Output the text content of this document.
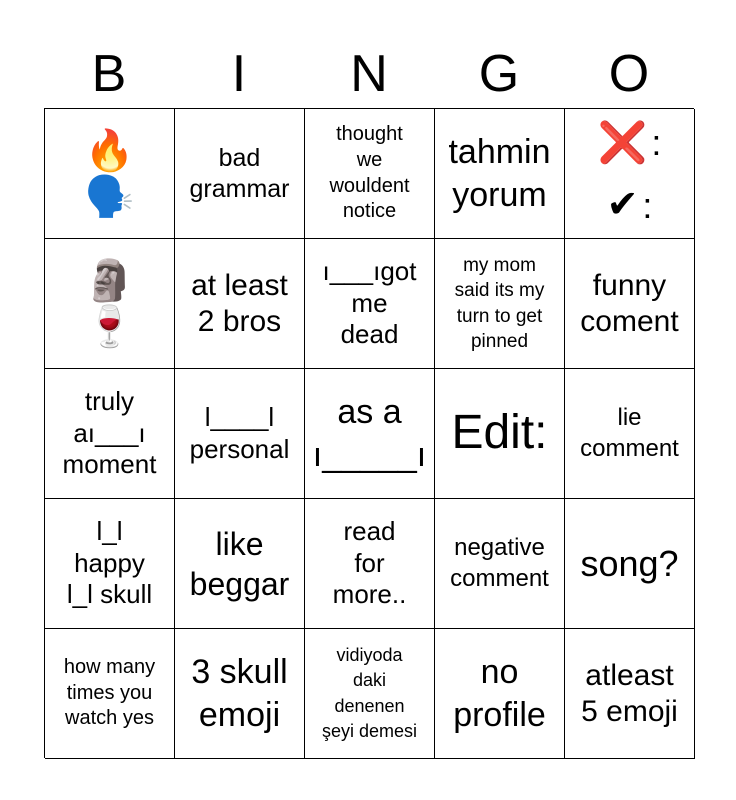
B	I	N	G	O
🔥
🗣️
bad
grammar
thought
we
wouldent
notice
tahmin
yorum

❌ :

✔ :

🗿
🍷
at least
2 bros
ı___ıgot
me
dead
my mom
said its my
turn to get
pinned
funny
coment
truly
aı___ı
moment
l____l
personal
as a
ı_____ı Edit:	lie
comment
l_l
happy
l_l skull
like
beggar
read
for
more..
negative
comment song?
how many
times you
watch yes
3 skull
emoji
vidiyoda
daki
denenen
şeyi demesi
no
profile
atleast
5 emoji
